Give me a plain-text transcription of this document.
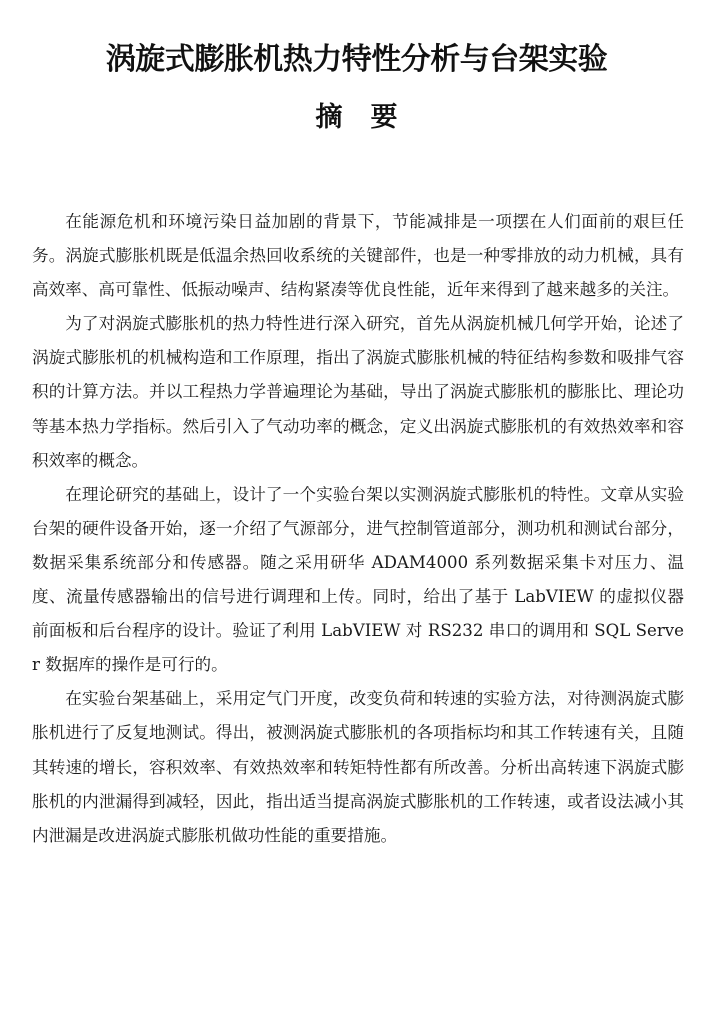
涡旋式膨胀机热力特性分析与台架实验
摘 要

在能源危机和环境污染日益加剧的背景下，节能减排是一项摆在人们面前的艰巨任务。涡旋式膨胀机既是低温余热回收系统的关键部件，也是一种零排放的动力机械，具有高效率、高可靠性、低振动噪声、结构紧凑等优良性能，近年来得到了越来越多的关注。

为了对涡旋式膨胀机的热力特性进行深入研究，首先从涡旋机械几何学开始，论述了涡旋式膨胀机的机械构造和工作原理，指出了涡旋式膨胀机械的特征结构参数和吸排气容积的计算方法。并以工程热力学普遍理论为基础，导出了涡旋式膨胀机的膨胀比、理论功等基本热力学指标。然后引入了气动功率的概念，定义出涡旋式膨胀机的有效热效率和容积效率的概念。

在理论研究的基础上，设计了一个实验台架以实测涡旋式膨胀机的特性。文章从实验台架的硬件设备开始，逐一介绍了气源部分，进气控制管道部分，测功机和测试台部分，数据采集系统部分和传感器。随之采用研华 ADAM4000 系列数据采集卡对压力、温度、流量传感器输出的信号进行调理和上传。同时，给出了基于 LabVIEW 的虚拟仪器前面板和后台程序的设计。验证了利用 LabVIEW 对 RS232 串口的调用和 SQL Server 数据库的操作是可行的。

在实验台架基础上，采用定气门开度，改变负荷和转速的实验方法，对待测涡旋式膨胀机进行了反复地测试。得出，被测涡旋式膨胀机的各项指标均和其工作转速有关，且随其转速的增长，容积效率、有效热效率和转矩特性都有所改善。分析出高转速下涡旋式膨胀机的内泄漏得到减轻，因此，指出适当提高涡旋式膨胀机的工作转速，或者设法减小其内泄漏是改进涡旋式膨胀机做功性能的重要措施。
